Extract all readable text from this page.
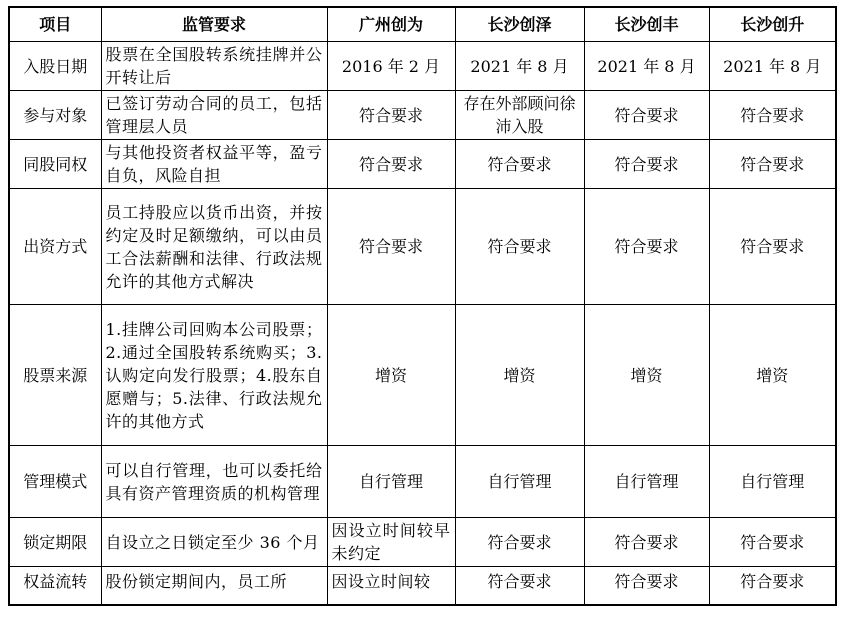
项目	监管要求	广州创为	长沙创泽	长沙创丰	长沙创升
入股日期	股票在全国股转系统挂牌并公开转让后	2016 年 2 月	2021 年 8 月	2021 年 8 月	2021 年 8 月
参与对象	已签订劳动合同的员工，包括管理层人员	符合要求	存在外部顾问徐沛入股	符合要求	符合要求
同股同权	与其他投资者权益平等，盈亏自负，风险自担	符合要求	符合要求	符合要求	符合要求
出资方式	员工持股应以货币出资，并按约定及时足额缴纳，可以由员工合法薪酬和法律、行政法规允许的其他方式解决	符合要求	符合要求	符合要求	符合要求
股票来源	1.挂牌公司回购本公司股票；2.通过全国股转系统购买；3.认购定向发行股票；4.股东自愿赠与；5.法律、行政法规允许的其他方式	增资	增资	增资	增资
管理模式	可以自行管理，也可以委托给具有资产管理资质的机构管理	自行管理	自行管理	自行管理	自行管理
锁定期限	自设立之日锁定至少 36 个月	因设立时间较早未约定	符合要求	符合要求	符合要求
权益流转	股份锁定期间内，员工所	因设立时间较	符合要求	符合要求	符合要求
